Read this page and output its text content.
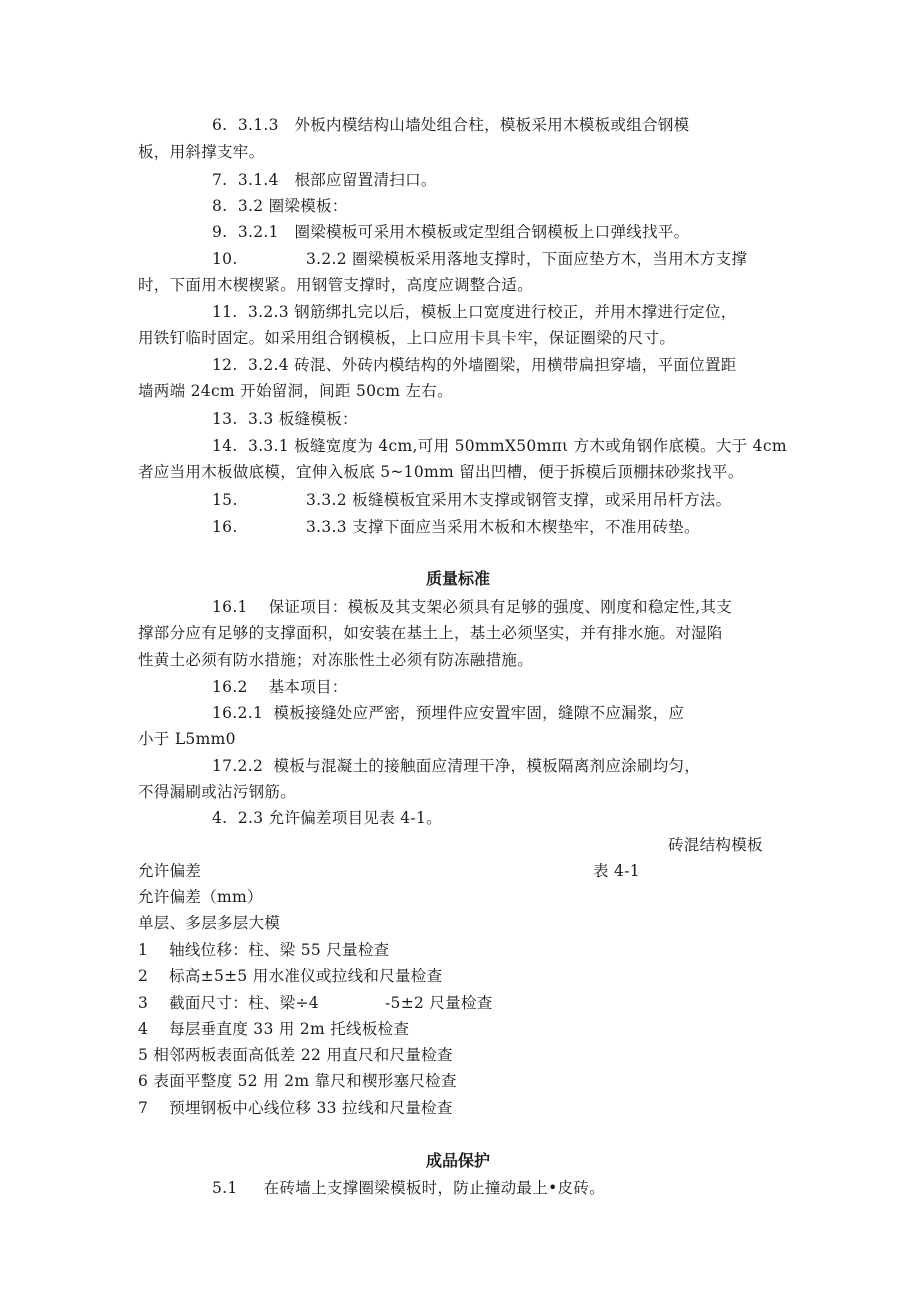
6.  3.1.3   外板内模结构山墙处组合柱，模板采用木模板或组合钢模

板，用斜撑支牢。

7.  3.1.4   根部应留置清扫口。

8.  3.2 圈梁模板：

9.  3.2.1   圈梁模板可采用木模板或定型组合钢模板上口弹线找平。

10.	3.2.2 圈梁模板采用落地支撑时，下面应垫方木，当用木方支撑

时，下面用木楔楔紧。用钢管支撑时，高度应调整合适。

11.  3.2.3 钢筋绑扎完以后，模板上口宽度进行校正，并用木撑进行定位，

用铁钉临时固定。如采用组合钢模板，上口应用卡具卡牢，保证圈梁的尺寸。

12.  3.2.4 砖混、外砖内模结构的外墙圈梁，用横带扁担穿墙，平面位置距

墙两端 24cm 开始留洞，间距 50cm 左右。

13.  3.3 板缝模板：

14.  3.3.1 板缝宽度为 4cm,可用 50mmX50mπι 方木或角钢作底模。大于 4cm

者应当用木板做底模，宜伸入板底 5~10mm 留出凹槽，便于拆模后顶棚抹砂浆找平。

15.	3.3.2 板缝模板宜采用木支撑或钢管支撑，或采用吊杆方法。

16.	3.3.3 支撑下面应当采用木板和木楔垫牢，不准用砖垫。

质量标准

16.1    保证项目：模板及其支架必须具有足够的强度、刚度和稳定性,其支

撑部分应有足够的支撑面积，如安装在基土上，基土必须坚实，并有排水施。对湿陷

性黄土必须有防水措施；对冻胀性土必须有防冻融措施。

16.2    基本项目：

16.2.1  模板接缝处应严密，预埋件应安置牢固，缝隙不应漏浆，应

小于 L5mm0

17.2.2  模板与混凝土的接触面应清理干净，模板隔离剂应涂刷均匀，

不得漏刷或沾污钢筋。

4.  2.3 允许偏差项目见表 4-1。

砖混结构模板

允许偏差	表 4-1

允许偏差（mm）

单层、多层多层大模

1    轴线位移：柱、梁 55 尺量检查

2    标高±5±5 用水准仪或拉线和尺量检查

3    截面尺寸：柱、梁÷4	-5±2 尺量检查

4    每层垂直度 33 用 2m 托线板检查

5 相邻两板表面高低差 22 用直尺和尺量检查

6 表面平整度 52 用 2m 靠尺和楔形塞尺检查

7    预埋钢板中心线位移 33 拉线和尺量检查

成品保护

5.1     在砖墙上支撑圈梁模板时，防止撞动最上•皮砖。
